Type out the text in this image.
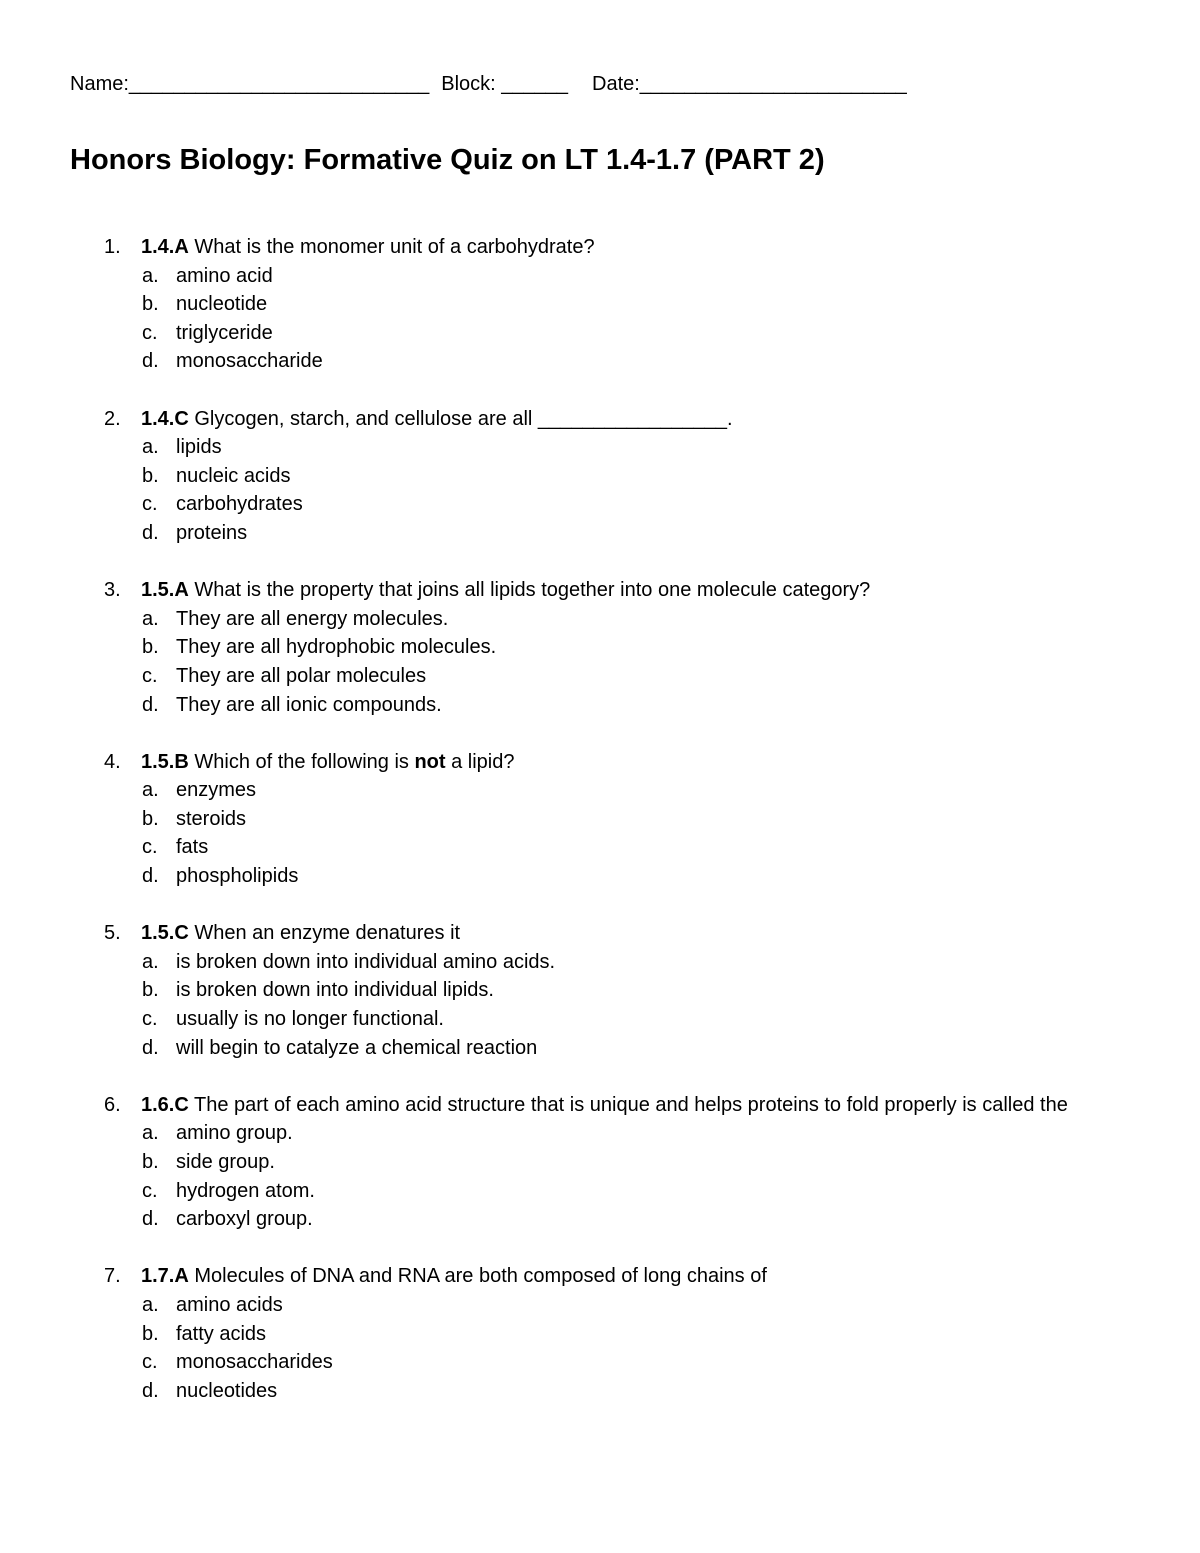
Name:___________________________ Block: ______ Date:________________________
Honors Biology: Formative Quiz on LT 1.4-1.7 (PART 2)
1. 1.4.A What is the monomer unit of a carbohydrate?
a. amino acid
b. nucleotide
c. triglyceride
d. monosaccharide
2. 1.4.C Glycogen, starch, and cellulose are all _________________.
a. lipids
b. nucleic acids
c. carbohydrates
d. proteins
3. 1.5.A What is the property that joins all lipids together into one molecule category?
a. They are all energy molecules.
b. They are all hydrophobic molecules.
c. They are all polar molecules
d. They are all ionic compounds.
4. 1.5.B Which of the following is not a lipid?
a. enzymes
b. steroids
c. fats
d. phospholipids
5. 1.5.C When an enzyme denatures it
a. is broken down into individual amino acids.
b. is broken down into individual lipids.
c. usually is no longer functional.
d. will begin to catalyze a chemical reaction
6. 1.6.C The part of each amino acid structure that is unique and helps proteins to fold properly is called the
a. amino group.
b. side group.
c. hydrogen atom.
d. carboxyl group.
7. 1.7.A Molecules of DNA and RNA are both composed of long chains of
a. amino acids
b. fatty acids
c. monosaccharides
d. nucleotides
